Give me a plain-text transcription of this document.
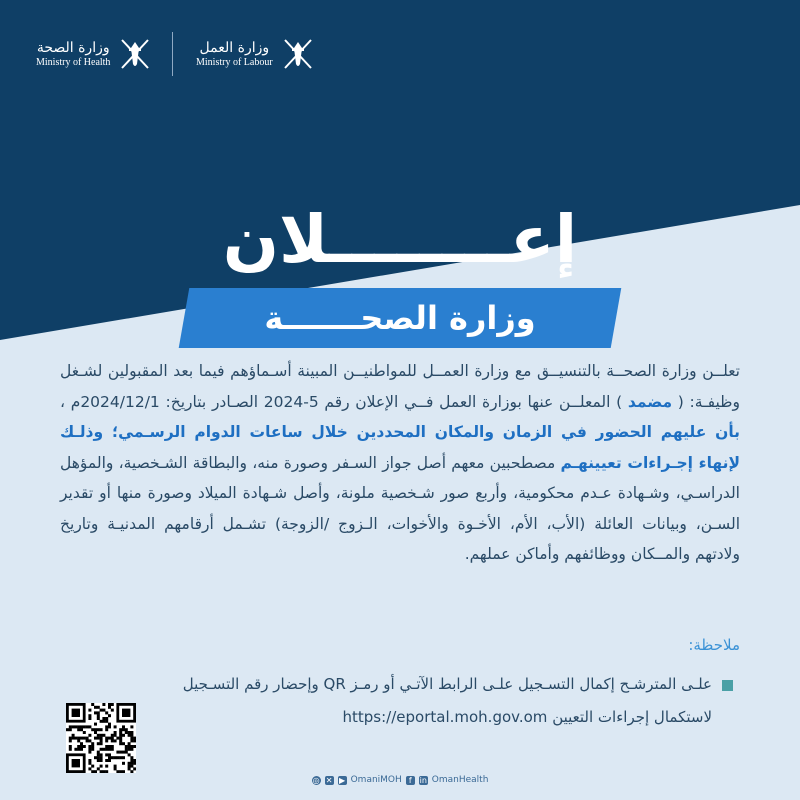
وزارة الصحة
Ministry of Health
وزارة العمل
Ministry of Labour
إعــــــــلان
وزارة الصحـــــــة
تعلــن وزارة الصحــة بالتنسيــق مع وزارة العمــل للمواطنيــن المبينة أسـماؤهم فيما بعد المقبولين لشـغل وظيفـة: ( مضمد ) المعلــن عنها بوزارة العمل فــي الإعلان رقم 5-2024 الصـادر بتاريخ: 2024/12/1م ، بأن عليهم الحضور في الزمان والمكان المحددين خلال ساعات الدوام الرسـمي؛ وذلـك لإنهاء إجـراءات تعيينهـم مصطحبين معهم أصل جواز السـفر وصورة منه، والبطاقة الشـخصية، والمؤهل الدراسـي، وشـهادة عـدم محكومية، وأربع صور شـخصية ملونة، وأصل شـهادة الميلاد وصورة منها أو تقدير السـن، وبيانات العائلة (الأب، الأم، الأخـوة والأخوات، الـزوج /الزوجة) تشـمل أرقامهم المدنيـة وتاريخ ولادتهم والمــكان ووظائفهم وأماكن عملهم.
ملاحظة:
علـى المترشـح إكمال التسـجيل علـى الرابط الآتـي أو رمـز QR وإحضار رقم التسـجيل
لاستكمال إجراءات التعيين https://eportal.moh.gov.om
◎ ✕ ▶ OmaniMOH f in OmanHealth
